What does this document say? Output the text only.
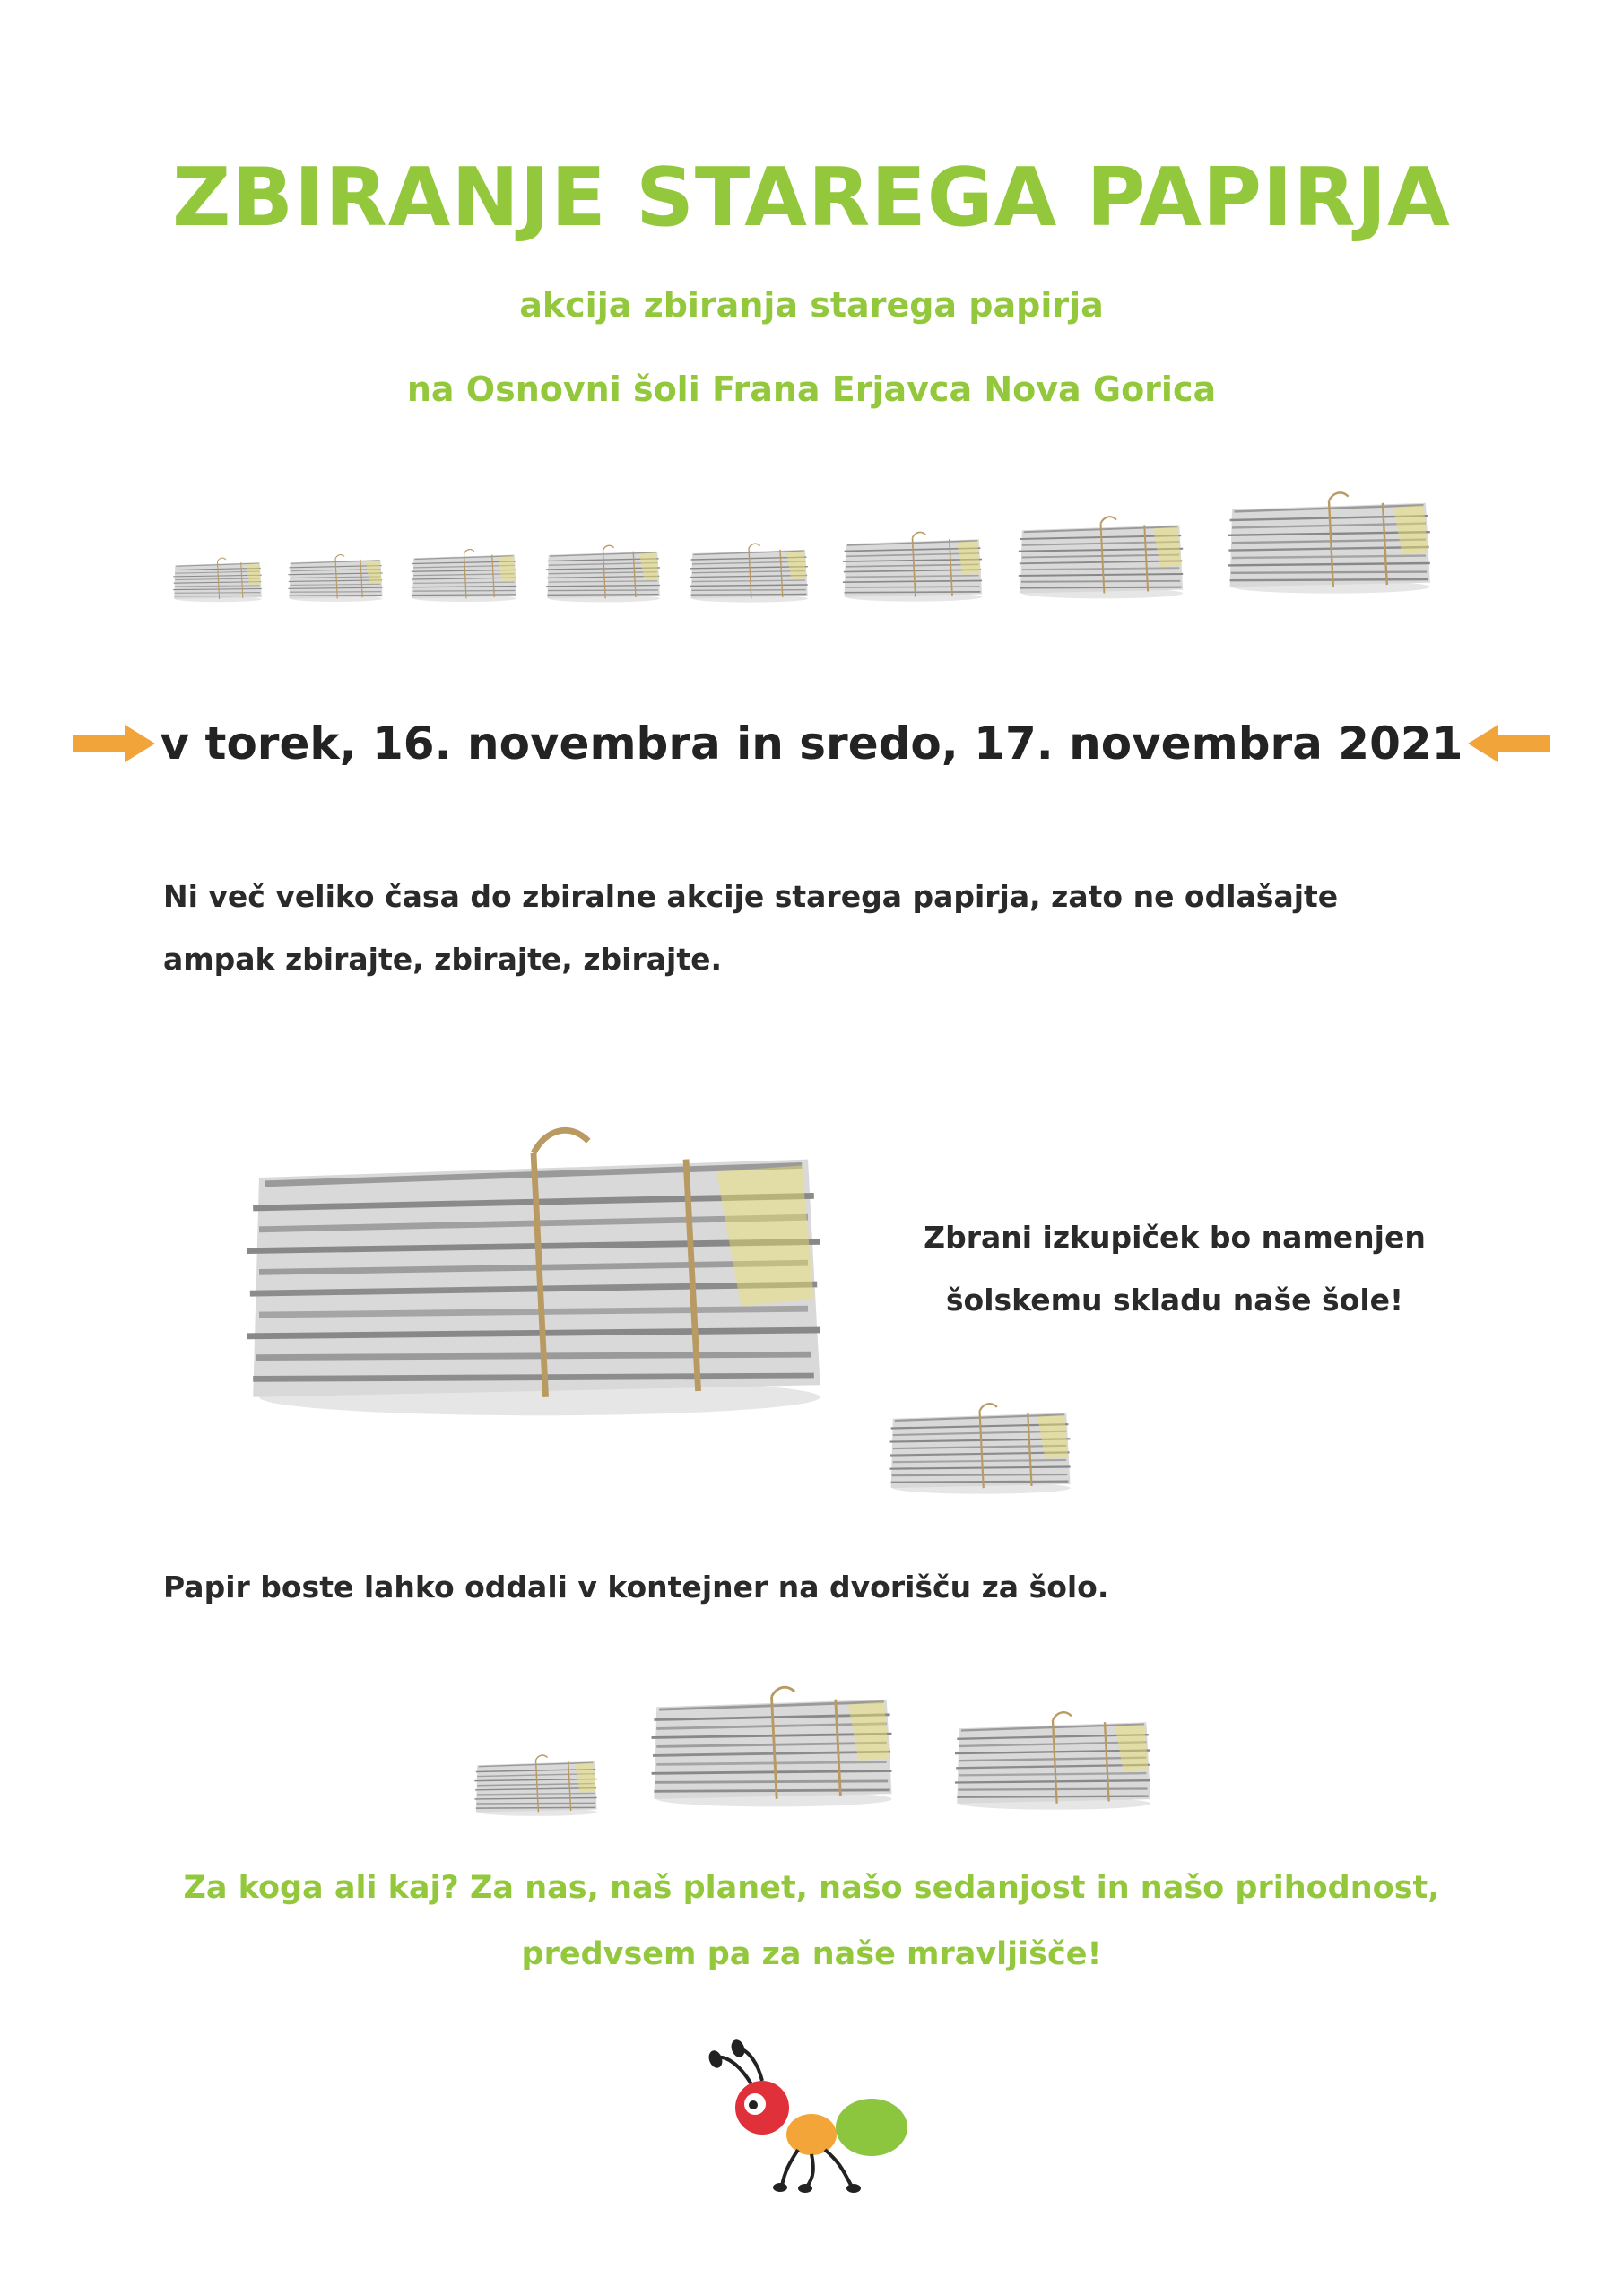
ZBIRANJE STAREGA PAPIRJA

akcija zbiranja starega papirja

na Osnovni šoli Frana Erjavca Nova Gorica

v torek, 16. novembra in sredo, 17. novembra 2021

Ni več veliko časa do zbiralne akcije starega papirja, zato ne odlašajte ampak zbirajte, zbirajte, zbirajte.

Zbrani izkupiček bo namenjen šolskemu skladu naše šole!

Papir boste lahko oddali v kontejner na dvorišču za šolo.

Za koga ali kaj? Za nas, naš planet, našo sedanjost in našo prihodnost,
predvsem pa za naše mravljišče!
